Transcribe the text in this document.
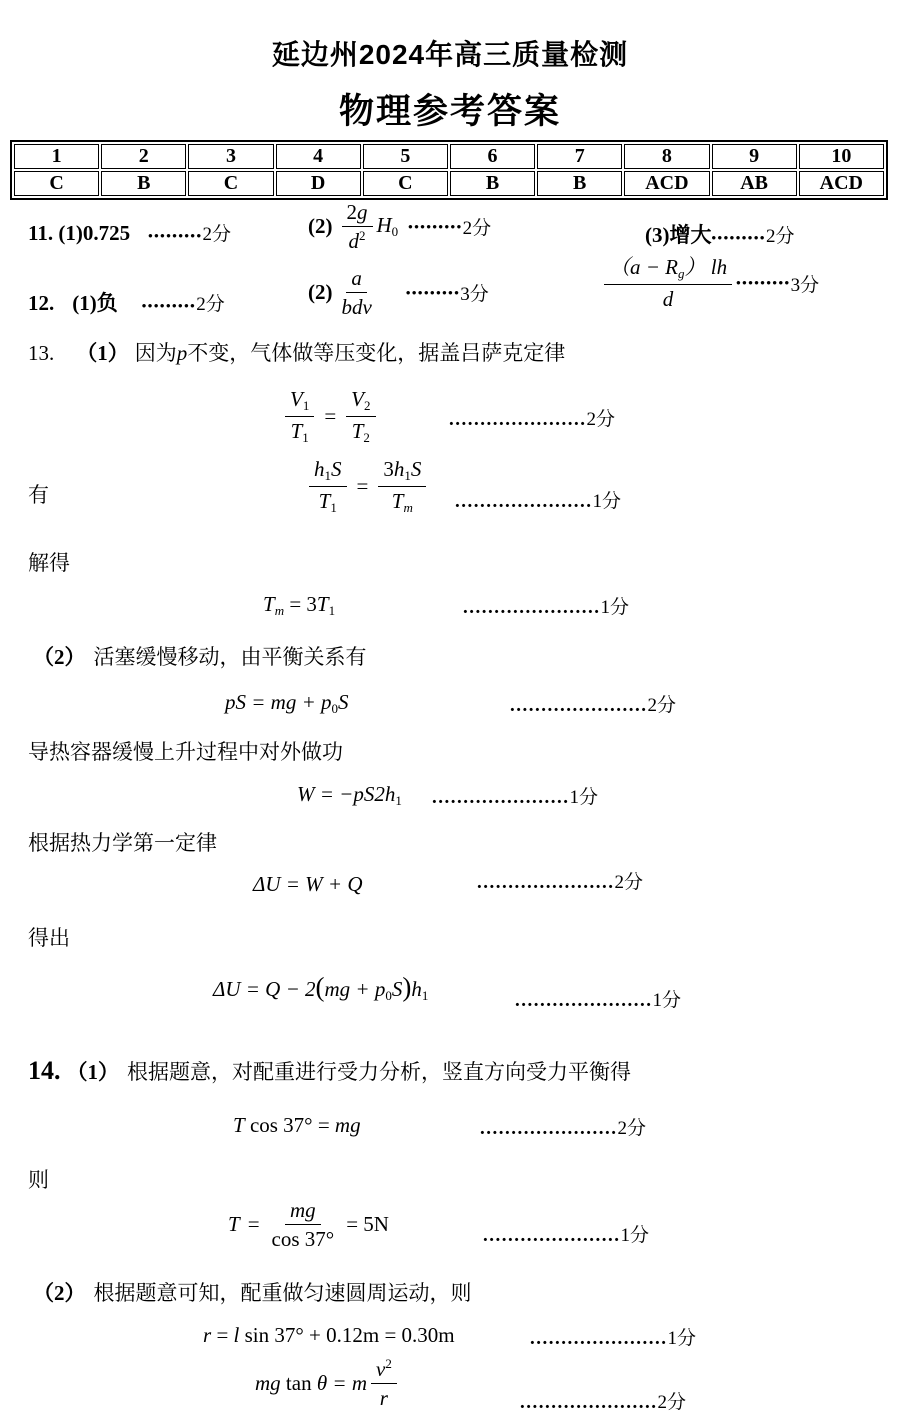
延边州2024年高三质量检测
物理参考答案
1	2	3	4	5	6	7	8	9	10
C	B	C	D	C	B	B	ACD	AB	ACD
11. (1)0.725 •••••••••2分	$(2) \frac{2g}{d^2} H0$ ••••••••• 2分	(3)增大•••••••••2分
12. (1)负 •••••••••2分
$(2) \frac{a}{\text{bdv}}$	••••••••• 3分	$\frac{(a - Rg) lh}{d}$ ••••••••• 3分
13. （1） 因为p不变，气体做等压变化，据盖吕萨克定律
$\frac{V1}{T1} = \frac{V2}{T2}$	......................2分
有	$\frac{h1S}{T1} = \frac{3h1S}{Tm} ......................1$分
解得
Tm = 3T1	......................1分
（2） 活塞缓慢移动，由平衡关系有
pS = mg + p0S	......................2分
导热容器缓慢上升过程中对外做功
W = −pS2h1 ......................1分
根据热力学第一定律
ΔU = W + Q	......................2分
得出
ΔU = Q − 2(mg + p0S)h1	......................1分
14. （1） 根据题意，对配重进行受力分析，竖直方向受力平衡得
T cos 37° = mg	......................2分
则
$T = \frac{mg}{\cos 37^\circ} = 5N$	......................1分
（2） 根据题意可知，配重做匀速圆周运动，则
r = l sin 37° + 0.12m = 0.30m	......................1分
mg tan θ = m $\frac{v^2}{r}$	......................2分
